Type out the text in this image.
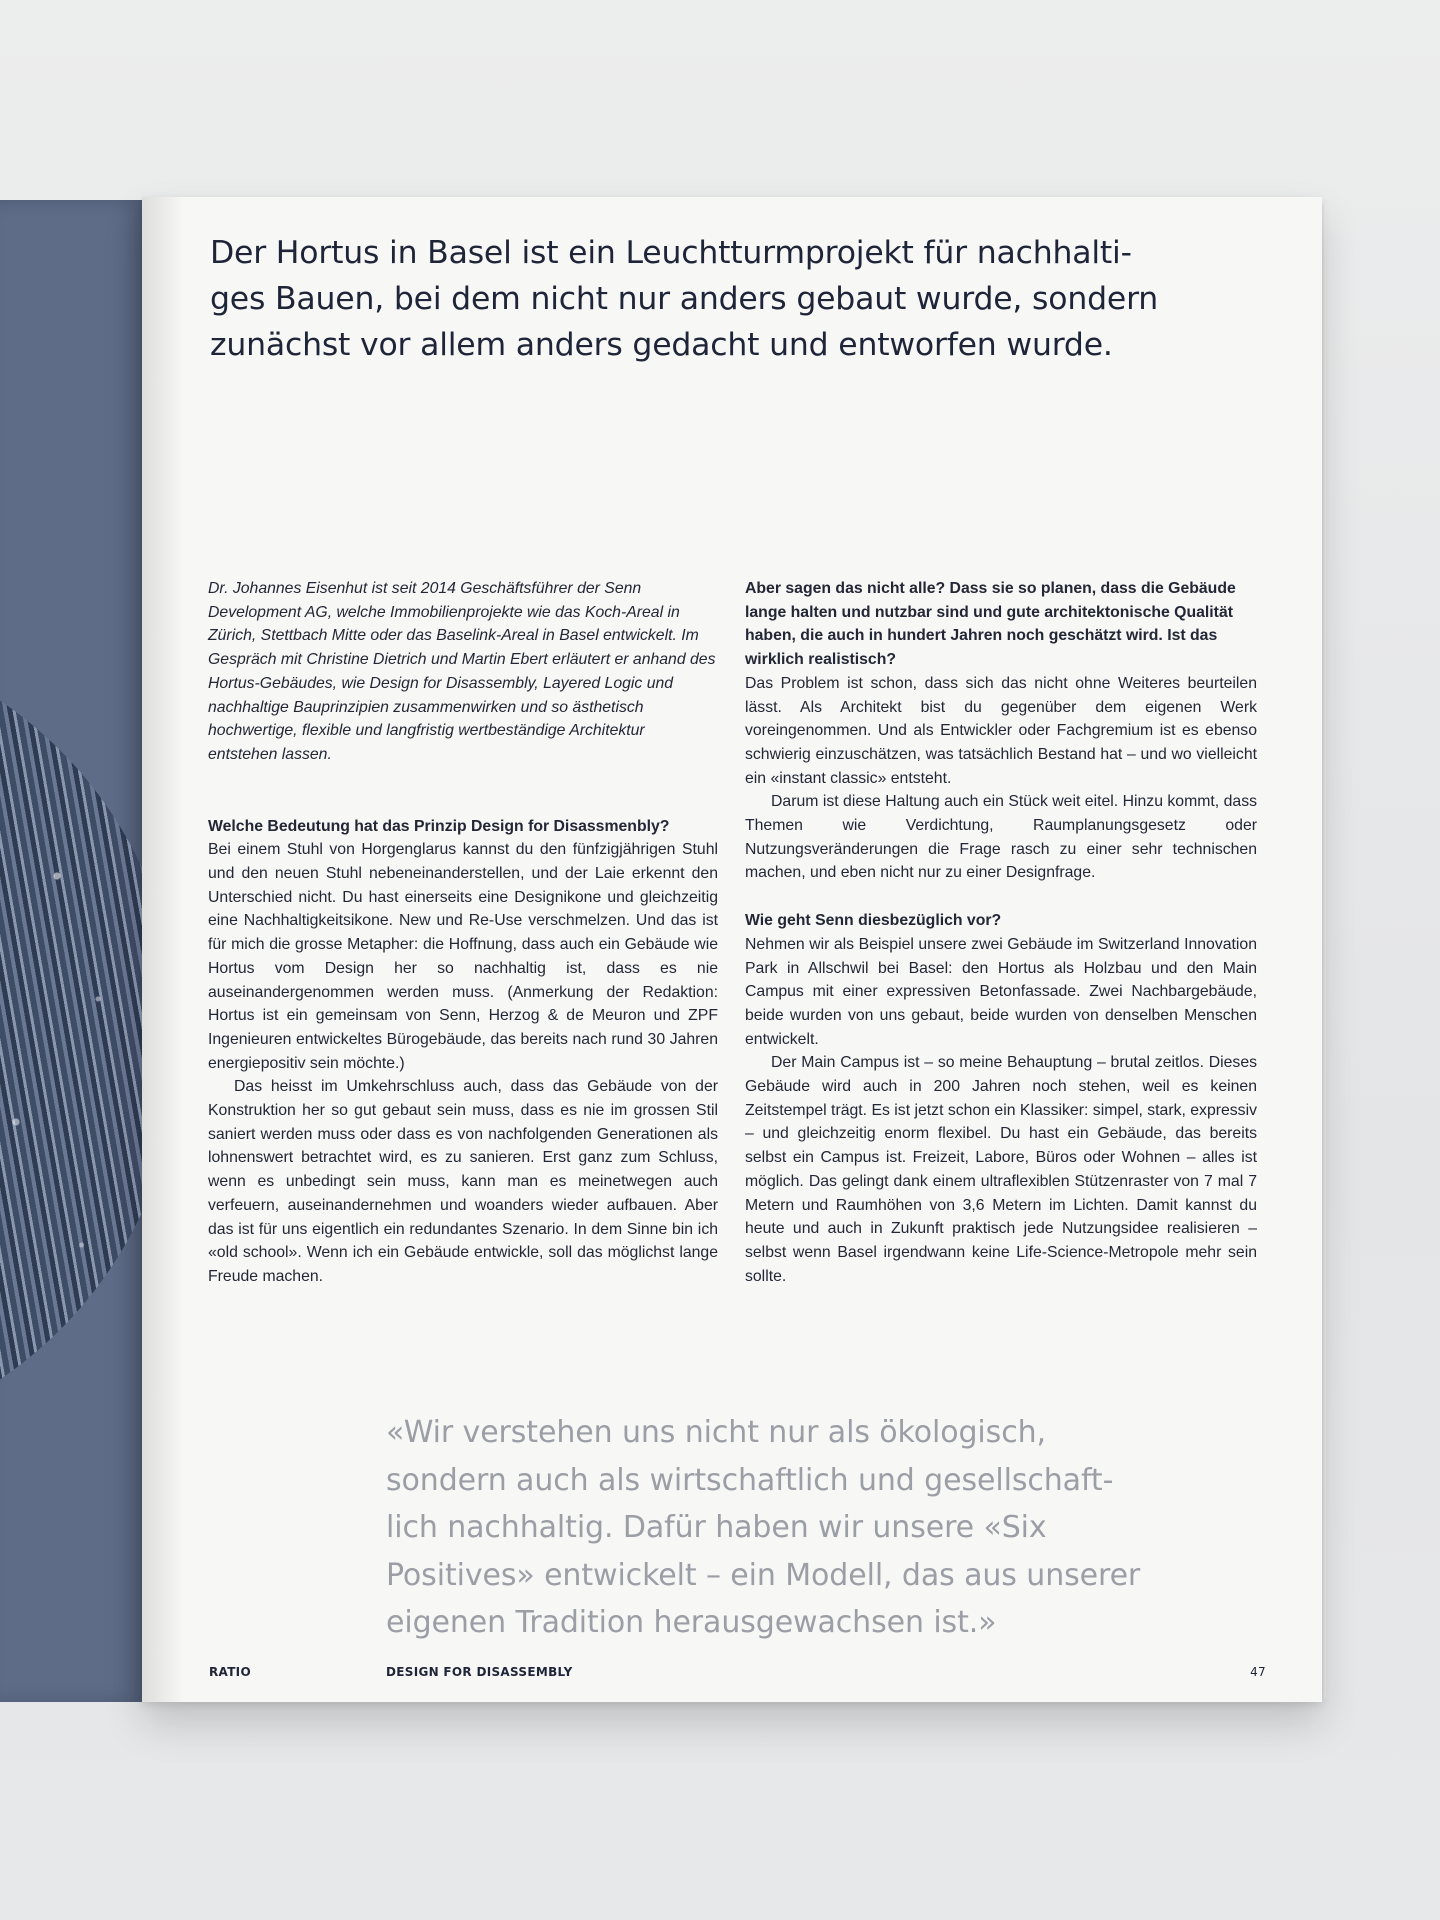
Der Hortus in Basel ist ein Leuchtturmprojekt für nachhalti-
ges Bauen, bei dem nicht nur anders gebaut wurde, sondern
zunächst vor allem anders gedacht und entworfen wurde.

Dr. Johannes Eisenhut ist seit 2014 Geschäftsführer der Senn Development AG, welche Immobilienprojekte wie das Koch-Areal in Zürich, Stettbach Mitte oder das Baselink-Areal in Basel entwickelt. Im Gespräch mit Christine Dietrich und Martin Ebert erläutert er anhand des Hortus-Gebäudes, wie Design for Disassembly, Layered Logic und nachhaltige Bauprinzipien zusammenwirken und so ästhetisch hochwertige, flexible und langfristig wertbeständige Architektur entstehen lassen.

Welche Bedeutung hat das Prinzip Design for Disassmenbly?

Bei einem Stuhl von Horgenglarus kannst du den fünfzigjährigen Stuhl und den neuen Stuhl nebeneinanderstellen, und der Laie erkennt den Unterschied nicht. Du hast einerseits eine Designikone und gleichzeitig eine Nachhaltigkeitsikone. New und Re-Use verschmelzen. Und das ist für mich die grosse Metapher: die Hoffnung, dass auch ein Gebäude wie Hortus vom Design her so nachhaltig ist, dass es nie auseinandergenommen werden muss. (Anmerkung der Redaktion: Hortus ist ein gemeinsam von Senn, Herzog & de Meuron und ZPF Ingenieuren entwickeltes Bürogebäude, das bereits nach rund 30 Jahren energiepositiv sein möchte.)

Das heisst im Umkehrschluss auch, dass das Gebäude von der Konstruktion her so gut gebaut sein muss, dass es nie im grossen Stil saniert werden muss oder dass es von nachfolgenden Generationen als lohnenswert betrachtet wird, es zu sanieren. Erst ganz zum Schluss, wenn es unbedingt sein muss, kann man es meinetwegen auch verfeuern, auseinandernehmen und woanders wieder aufbauen. Aber das ist für uns eigentlich ein redundantes Szenario. In dem Sinne bin ich «old school». Wenn ich ein Gebäude entwickle, soll das möglichst lange Freude machen.

Aber sagen das nicht alle? Dass sie so planen, dass die Gebäude lange halten und nutzbar sind und gute architektonische Qualität haben, die auch in hundert Jahren noch geschätzt wird. Ist das wirklich realistisch?

Das Problem ist schon, dass sich das nicht ohne Weiteres beurteilen lässt. Als Architekt bist du gegenüber dem eigenen Werk voreingenommen. Und als Entwickler oder Fachgremium ist es ebenso schwierig einzuschätzen, was tatsächlich Bestand hat – und wo vielleicht ein «instant classic» entsteht.

Darum ist diese Haltung auch ein Stück weit eitel. Hinzu kommt, dass Themen wie Verdichtung, Raumplanungsgesetz oder Nutzungsveränderungen die Frage rasch zu einer sehr technischen machen, und eben nicht nur zu einer Designfrage.

Wie geht Senn diesbezüglich vor?

Nehmen wir als Beispiel unsere zwei Gebäude im Switzerland Innovation Park in Allschwil bei Basel: den Hortus als Holzbau und den Main Campus mit einer expressiven Betonfassade. Zwei Nachbargebäude, beide wurden von uns gebaut, beide wurden von denselben Menschen entwickelt.

Der Main Campus ist – so meine Behauptung – brutal zeitlos. Dieses Gebäude wird auch in 200 Jahren noch stehen, weil es keinen Zeitstempel trägt. Es ist jetzt schon ein Klassiker: simpel, stark, expressiv – und gleichzeitig enorm flexibel. Du hast ein Gebäude, das bereits selbst ein Campus ist. Freizeit, Labore, Büros oder Wohnen – alles ist möglich. Das gelingt dank einem ultraflexiblen Stützenraster von 7 mal 7 Metern und Raumhöhen von 3,6 Metern im Lichten. Damit kannst du heute und auch in Zukunft praktisch jede Nutzungsidee realisieren – selbst wenn Basel irgendwann keine Life-Science-Metropole mehr sein sollte.

«Wir verstehen uns nicht nur als ökologisch,
sondern auch als wirtschaftlich und gesellschaft-
lich nachhaltig. Dafür haben wir unsere «Six
Positives» entwickelt – ein Modell, das aus unserer
eigenen Tradition herausgewachsen ist.»

RATIO	DESIGN FOR DISASSEMBLY	47
